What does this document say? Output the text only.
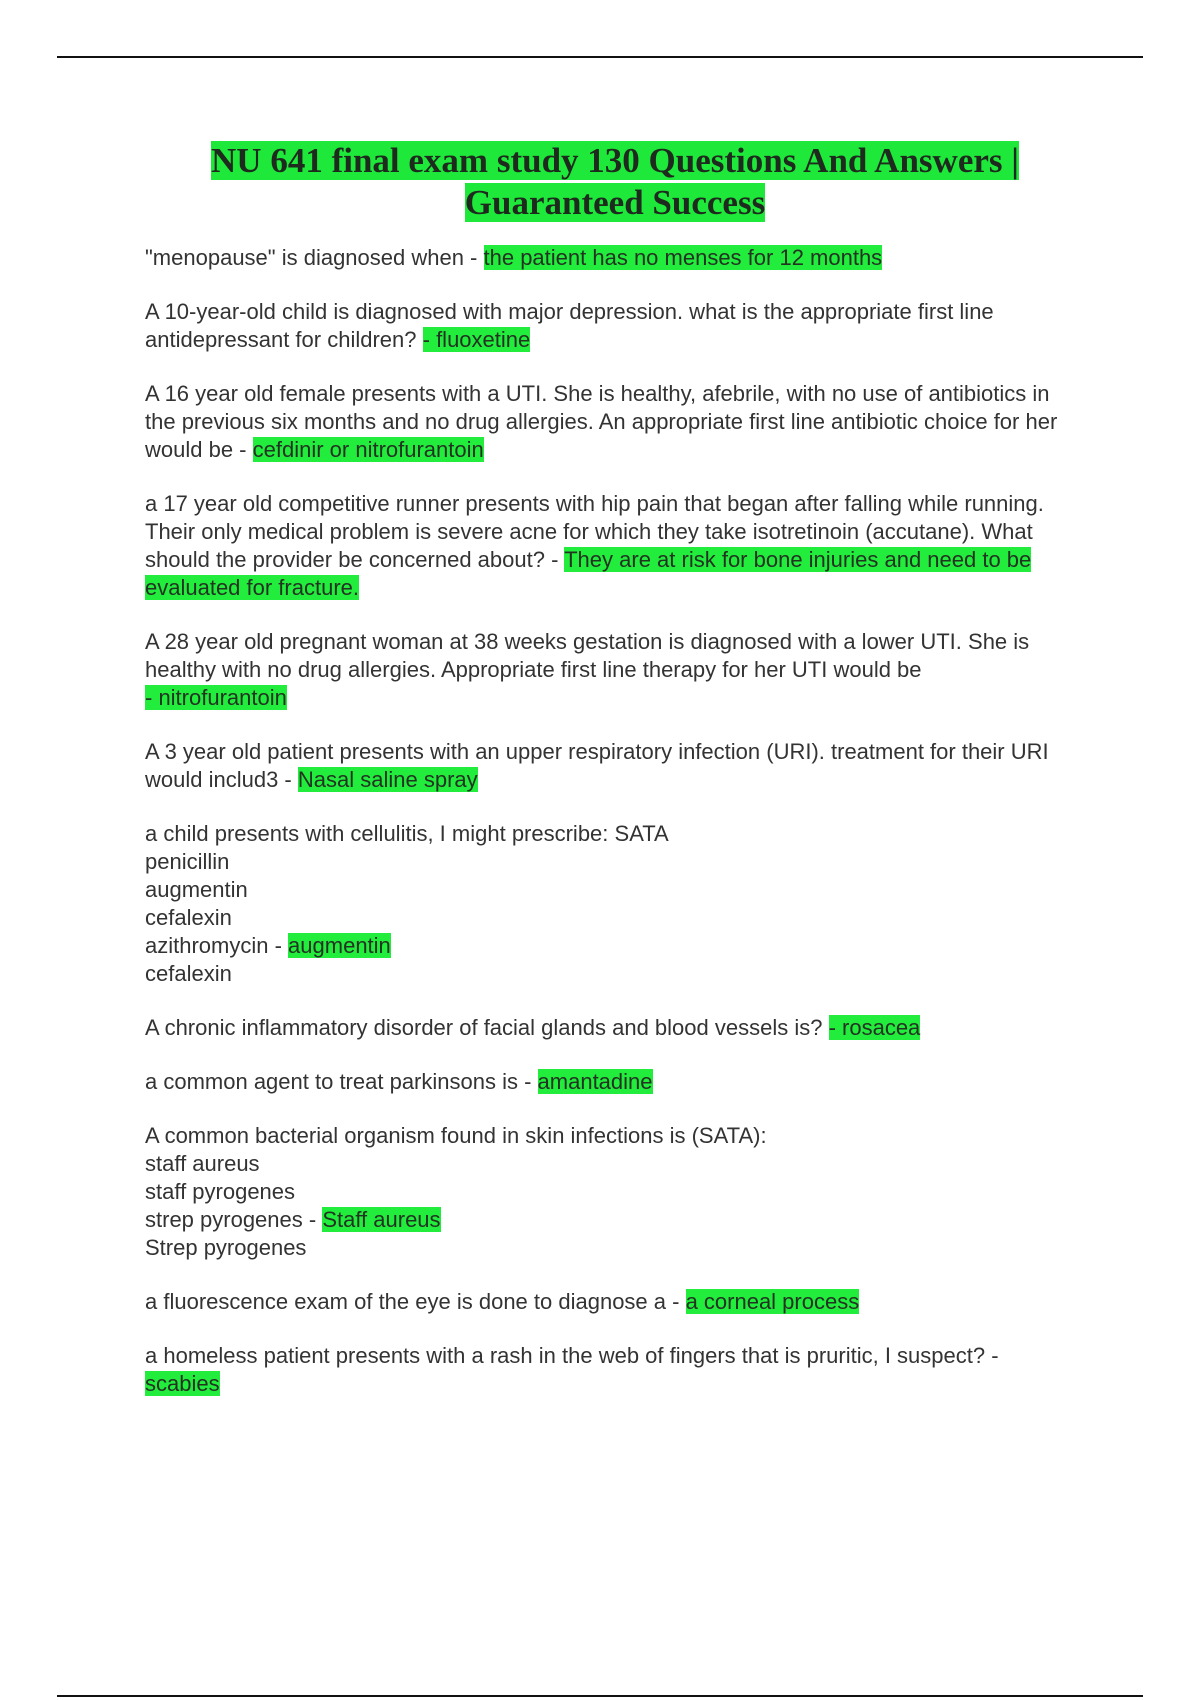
NU 641 final exam study 130 Questions And Answers | Guaranteed Success

"menopause" is diagnosed when - the patient has no menses for 12 months

A 10-year-old child is diagnosed with major depression. what is the appropriate first line antidepressant for children? - fluoxetine

A 16 year old female presents with a UTI. She is healthy, afebrile, with no use of antibiotics in the previous six months and no drug allergies. An appropriate first line antibiotic choice for her would be - cefdinir or nitrofurantoin

a 17 year old competitive runner presents with hip pain that began after falling while running. Their only medical problem is severe acne for which they take isotretinoin (accutane). What should the provider be concerned about? - They are at risk for bone injuries and need to be evaluated for fracture.

A 28 year old pregnant woman at 38 weeks gestation is diagnosed with a lower UTI. She is healthy with no drug allergies. Appropriate first line therapy for her UTI would be
- nitrofurantoin

A 3 year old patient presents with an upper respiratory infection (URI). treatment for their URI would includ3 - Nasal saline spray

a child presents with cellulitis, I might prescribe: SATA
penicillin
augmentin
cefalexin
azithromycin - augmentin
cefalexin

A chronic inflammatory disorder of facial glands and blood vessels is? - rosacea

a common agent to treat parkinsons is - amantadine

A common bacterial organism found in skin infections is (SATA):
staff aureus
staff pyrogenes
strep pyrogenes - Staff aureus
Strep pyrogenes

a fluorescence exam of the eye is done to diagnose a - a corneal process

a homeless patient presents with a rash in the web of fingers that is pruritic, I suspect? -
scabies
